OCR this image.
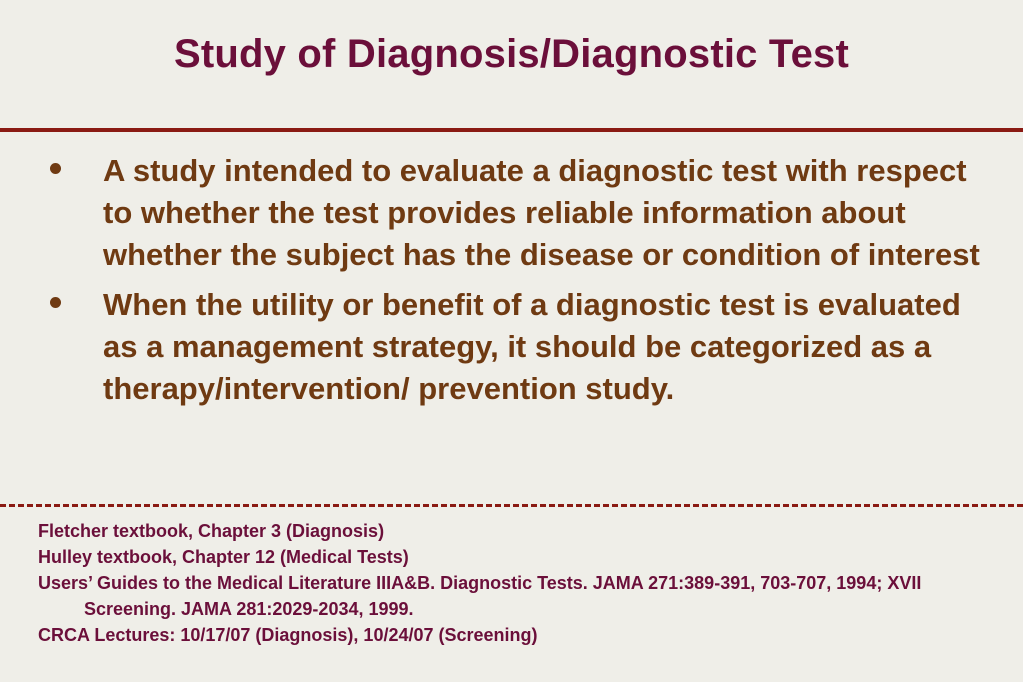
Study of Diagnosis/Diagnostic Test
A study intended to evaluate a diagnostic test with respect to whether the test provides reliable information about whether the subject has the disease or condition of interest
When the utility or benefit of a diagnostic test is evaluated as a management strategy, it should be categorized as a therapy/intervention/ prevention study.
Fletcher textbook, Chapter 3 (Diagnosis)
Hulley textbook, Chapter 12 (Medical Tests)
Users’ Guides to the Medical Literature IIIA&B. Diagnostic Tests. JAMA 271:389-391, 703-707, 1994; XVII Screening. JAMA 281:2029-2034, 1999.
CRCA Lectures: 10/17/07 (Diagnosis), 10/24/07 (Screening)
